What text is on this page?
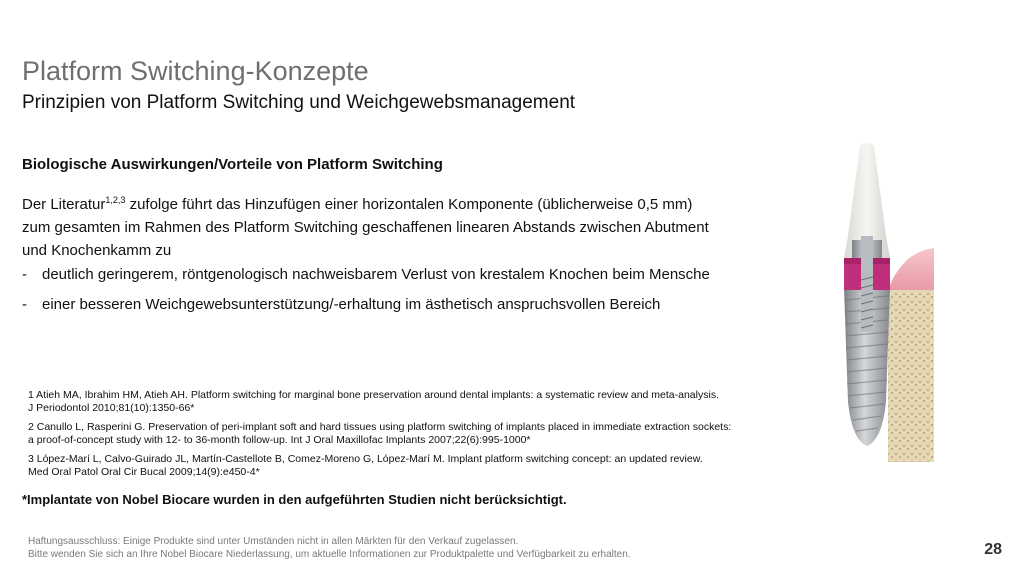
Platform Switching-Konzepte
Prinzipien von Platform Switching und Weichgewebsmanagement
Biologische Auswirkungen/Vorteile von Platform Switching

Der Literatur$^{1,2,3}$ zufolge führt das Hinzufügen einer horizontalen Komponente (üblicherweise 0,5 mm)

zum gesamten im Rahmen des Platform Switching geschaffenen linearen Abstands zwischen Abutment

und Knochenkamm zu

- deutlich geringerem, röntgenologisch nachweisbarem Verlust von krestalem Knochen beim Mensche
- einer besseren Weichgewebsunterstützung/-erhaltung im ästhetisch anspruchsvollen Bereich
1 Atieh MA, Ibrahim HM, Atieh AH. Platform switching for marginal bone preservation around dental implants: a systematic review and meta-analysis.
J Periodontol 2010;81(10):1350-66*
2 Canullo L, Rasperini G. Preservation of peri-implant soft and hard tissues using platform switching of implants placed in immediate extraction sockets:
a proof-of-concept study with 12- to 36-month follow-up. Int J Oral Maxillofac Implants 2007;22(6):995-1000*
3 López-Marí L, Calvo-Guirado JL, Martín-Castellote B, Comez-Moreno G, López-Marí M. Implant platform switching concept: an updated review.
Med Oral Patol Oral Cir Bucal 2009;14(9):e450-4*
*Implantate von Nobel Biocare wurden in den aufgeführten Studien nicht berücksichtigt.
Haftungsausschluss: Einige Produkte sind unter Umständen nicht in allen Märkten für den Verkauf zugelassen.
Bitte wenden Sie sich an Ihre Nobel Biocare Niederlassung, um aktuelle Informationen zur Produktpalette und Verfügbarkeit zu erhalten.	28
